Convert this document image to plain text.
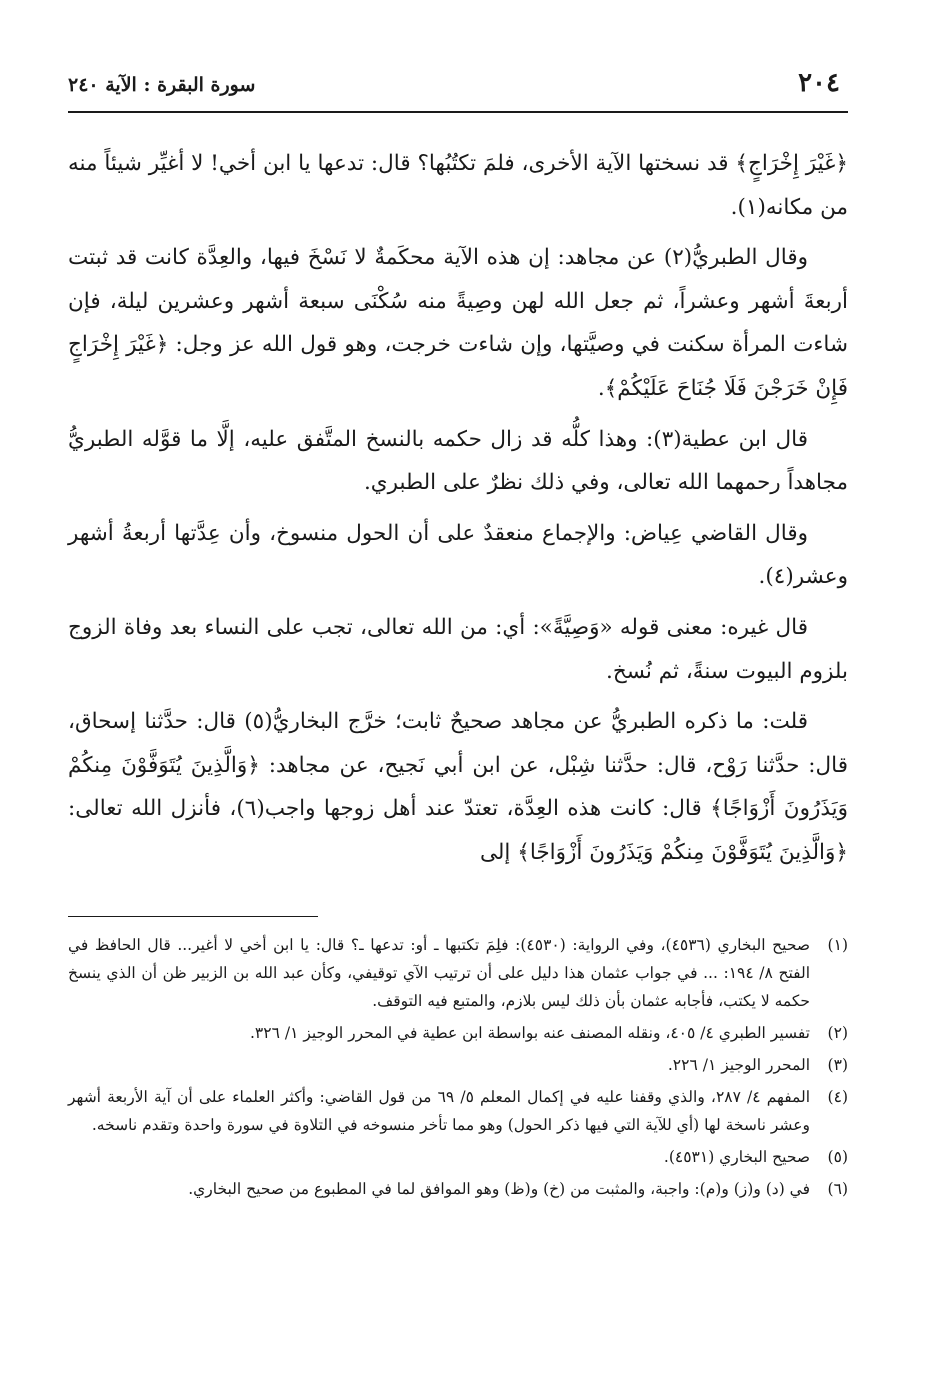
٢٠٤
سورة البقرة : الآية ٢٤٠

﴿غَيْرَ إِخْرَاجٍ﴾ قد نسختها الآية الأخرى، فلمَ تكتُبُها؟ قال: تدعها يا ابن أخي! لا أغيِّر شيئاً منه من مكانه(١).

وقال الطبريُّ(٢) عن مجاهد: إن هذه الآية محكَمةٌ لا نَسْخَ فيها، والعِدَّة كانت قد ثبتت أربعةَ أشهر وعشراً، ثم جعل الله لهن وصِيةً منه سُكْنَى سبعة أشهر وعشرين ليلة، فإن شاءت المرأة سكنت في وصيَّتها، وإن شاءت خرجت، وهو قول الله عز وجل: ﴿غَيْرَ إِخْرَاجٍ فَإِنْ خَرَجْنَ فَلَا جُنَاحَ عَلَيْكُمْ﴾.

قال ابن عطية(٣): وهذا كلُّه قد زال حكمه بالنسخ المتَّفق عليه، إلَّا ما قوَّله الطبريُّ مجاهداً رحمهما الله تعالى، وفي ذلك نظرٌ على الطبري.

وقال القاضي عِياض: والإجماع منعقدٌ على أن الحول منسوخ، وأن عِدَّتها أربعةُ أشهر وعشر(٤).

قال غيره: معنى قوله «وَصِيَّةً»: أي: من الله تعالى، تجب على النساء بعد وفاة الزوج بلزوم البيوت سنةً، ثم نُسخ.

قلت: ما ذكره الطبريُّ عن مجاهد صحيحٌ ثابت؛ خرَّج البخاريُّ(٥) قال: حدَّثنا إسحاق، قال: حدَّثنا رَوْح، قال: حدَّثنا شِبْل، عن ابن أبي نَجيح، عن مجاهد: ﴿وَالَّذِينَ يُتَوَفَّوْنَ مِنكُمْ وَيَذَرُونَ أَزْوَاجًا﴾ قال: كانت هذه العِدَّة، تعتدّ عند أهل زوجها واجب(٦)، فأنزل الله تعالى: ﴿وَالَّذِينَ يُتَوَفَّوْنَ مِنكُمْ وَيَذَرُونَ أَزْوَاجًا﴾ إلى

(١)
صحيح البخاري (٤٥٣٦)، وفي الرواية: (٤٥٣٠): فلِمَ تكتبها ـ أو: تدعها ـ؟ قال: يا ابن أخي لا أغير... قال الحافظ في الفتح ٨/ ١٩٤: ... في جواب عثمان هذا دليل على أن ترتيب الآي توقيفي، وكأن عبد الله بن الزبير ظن أن الذي ينسخ حكمه لا يكتب، فأجابه عثمان بأن ذلك ليس بلازم، والمتبع فيه التوقف.
(٢)
تفسير الطبري ٤/ ٤٠٥، ونقله المصنف عنه بواسطة ابن عطية في المحرر الوجيز ١/ ٣٢٦.
(٣)
المحرر الوجيز ١/ ٢٢٦.
(٤)
المفهم ٤/ ٢٨٧، والذي وقفنا عليه في إكمال المعلم ٥/ ٦٩ من قول القاضي: وأكثر العلماء على أن آية الأربعة أشهر وعشر ناسخة لها (أي للآية التي فيها ذكر الحول) وهو مما تأخر منسوخه في التلاوة في سورة واحدة وتقدم ناسخه.
(٥)
صحيح البخاري (٤٥٣١).
(٦)
في (د) و(ز) و(م): واجبة، والمثبت من (خ) و(ظ) وهو الموافق لما في المطبوع من صحيح البخاري.
